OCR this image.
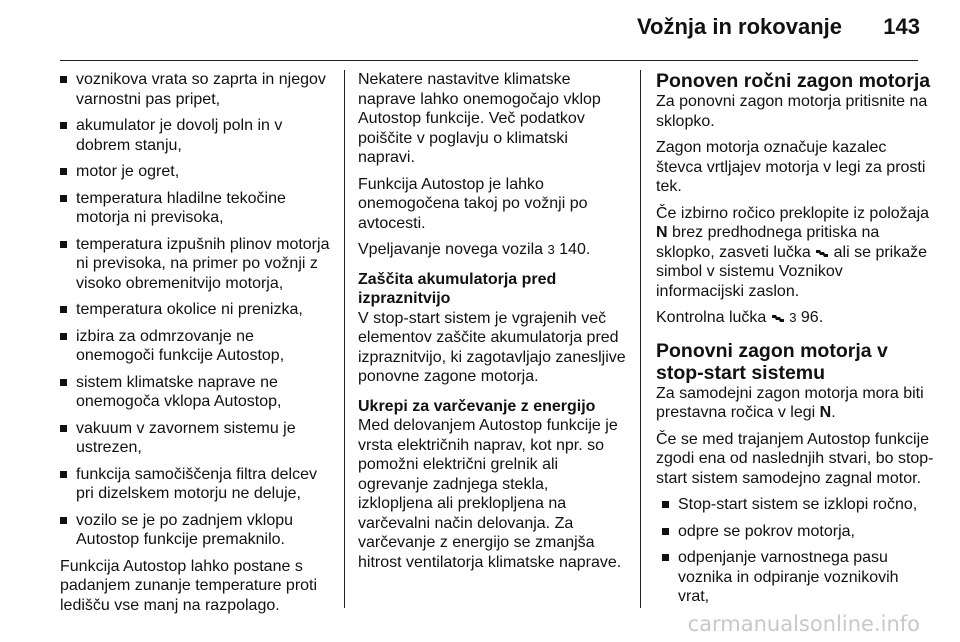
Vožnja in rokovanje 143
voznikova vrata so zaprta in njegov varnostni pas pripet,
akumulator je dovolj poln in v dobrem stanju,
motor je ogret,
temperatura hladilne tekočine motorja ni previsoka,
temperatura izpušnih plinov motorja ni previsoka, na primer po vožnji z visoko obremenitvijo motorja,
temperatura okolice ni prenizka,
izbira za odmrzovanje ne onemogoči funkcije Autostop,
sistem klimatske naprave ne onemogoča vklopa Autostop,
vakuum v zavornem sistemu je ustrezen,
funkcija samočiščenja filtra delcev pri dizelskem motorju ne deluje,
vozilo se je po zadnjem vklopu Autostop funkcije premaknilo.

Funkcija Autostop lahko postane s padanjem zunanje temperature proti ledišču vse manj na razpolago.

Nekatere nastavitve klimatske naprave lahko onemogočajo vklop Autostop funkcije. Več podatkov poiščite v poglavju o klimatski napravi.

Funkcija Autostop je lahko onemogočena takoj po vožnji po avtocesti.

Vpeljavanje novega vozila 3 140.

Zaščita akumulatorja pred izpraznitvijo

V stop-start sistem je vgrajenih več elementov zaščite akumulatorja pred izpraznitvijo, ki zagotavljajo zanesljive ponovne zagone motorja.

Ukrepi za varčevanje z energijo

Med delovanjem Autostop funkcije je vrsta električnih naprav, kot npr. so pomožni električni grelnik ali ogrevanje zadnjega stekla, izklopljena ali preklopljena na varčevalni način delovanja. Za varčevanje z energijo se zmanjša hitrost ventilatorja klimatske naprave.

Ponoven ročni zagon motorja

Za ponovni zagon motorja pritisnite na sklopko.

Zagon motorja označuje kazalec števca vrtljajev motorja v legi za prosti tek.

Če izbirno ročico preklopite iz položaja N brez predhodnega pritiska na sklopko, zasveti lučka ali se prikaže simbol v sistemu Voznikov informacijski zaslon.

Kontrolna lučka 3 96.

Ponovni zagon motorja v stop-start sistemu

Za samodejni zagon motorja mora biti prestavna ročica v legi N.

Če se med trajanjem Autostop funkcije zgodi ena od naslednjih stvari, bo stop-start sistem samodejno zagnal motor.

Stop-start sistem se izklopi ročno,
odpre se pokrov motorja,
odpenjanje varnostnega pasu voznika in odpiranje voznikovih vrat,
carmanualsonline.info
